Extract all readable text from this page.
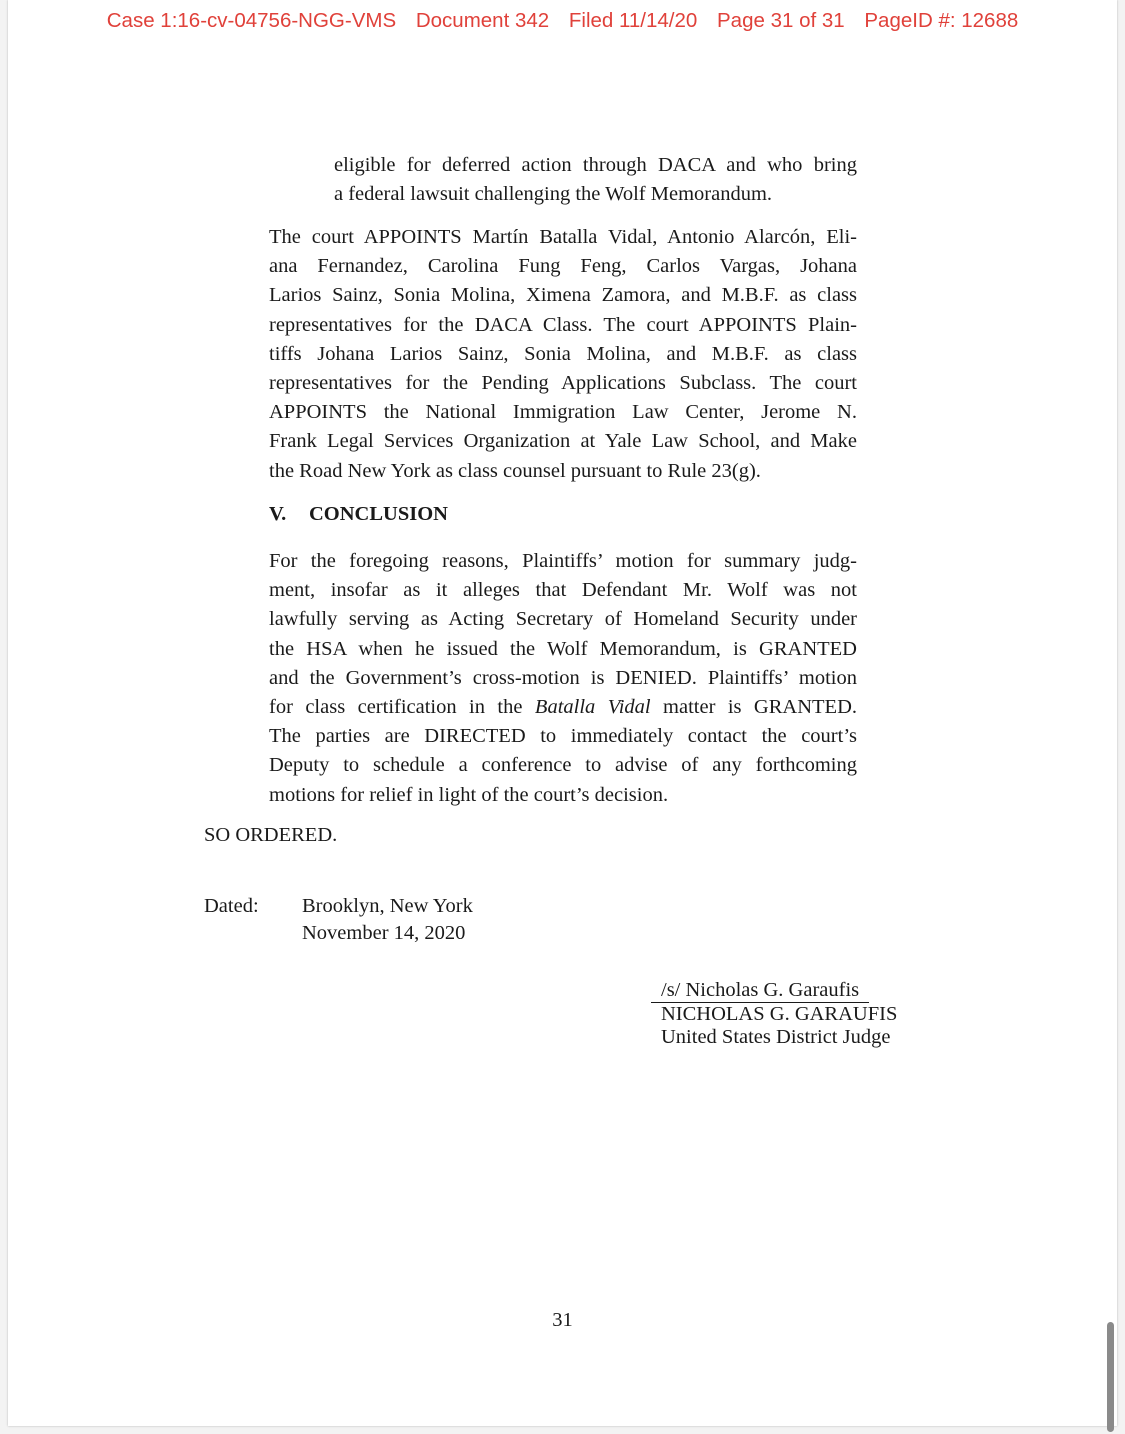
Case 1:16-cv-04756-NGG-VMS Document 342 Filed 11/14/20 Page 31 of 31 PageID #: 12688

eligible for deferred action through DACA and who bring
a federal lawsuit challenging the Wolf Memorandum.

The court APPOINTS Martín Batalla Vidal, Antonio Alarcón, Eli-
ana Fernandez, Carolina Fung Feng, Carlos Vargas, Johana
Larios Sainz, Sonia Molina, Ximena Zamora, and M.B.F. as class
representatives for the DACA Class. The court APPOINTS Plain-
tiffs Johana Larios Sainz, Sonia Molina, and M.B.F. as class
representatives for the Pending Applications Subclass. The court
APPOINTS the National Immigration Law Center, Jerome N.
Frank Legal Services Organization at Yale Law School, and Make
the Road New York as class counsel pursuant to Rule 23(g).

V. CONCLUSION

For the foregoing reasons, Plaintiffs’ motion for summary judg-
ment, insofar as it alleges that Defendant Mr. Wolf was not
lawfully serving as Acting Secretary of Homeland Security under
the HSA when he issued the Wolf Memorandum, is GRANTED
and the Government’s cross-motion is DENIED. Plaintiffs’ motion
for class certification in the Batalla Vidal matter is GRANTED.
The parties are DIRECTED to immediately contact the court’s
Deputy to schedule a conference to advise of any forthcoming
motions for relief in light of the court’s decision.

SO ORDERED.
Dated: Brooklyn, New York
November 14, 2020
/s/ Nicholas G. Garaufis
NICHOLAS G. GARAUFIS
United States District Judge
31
